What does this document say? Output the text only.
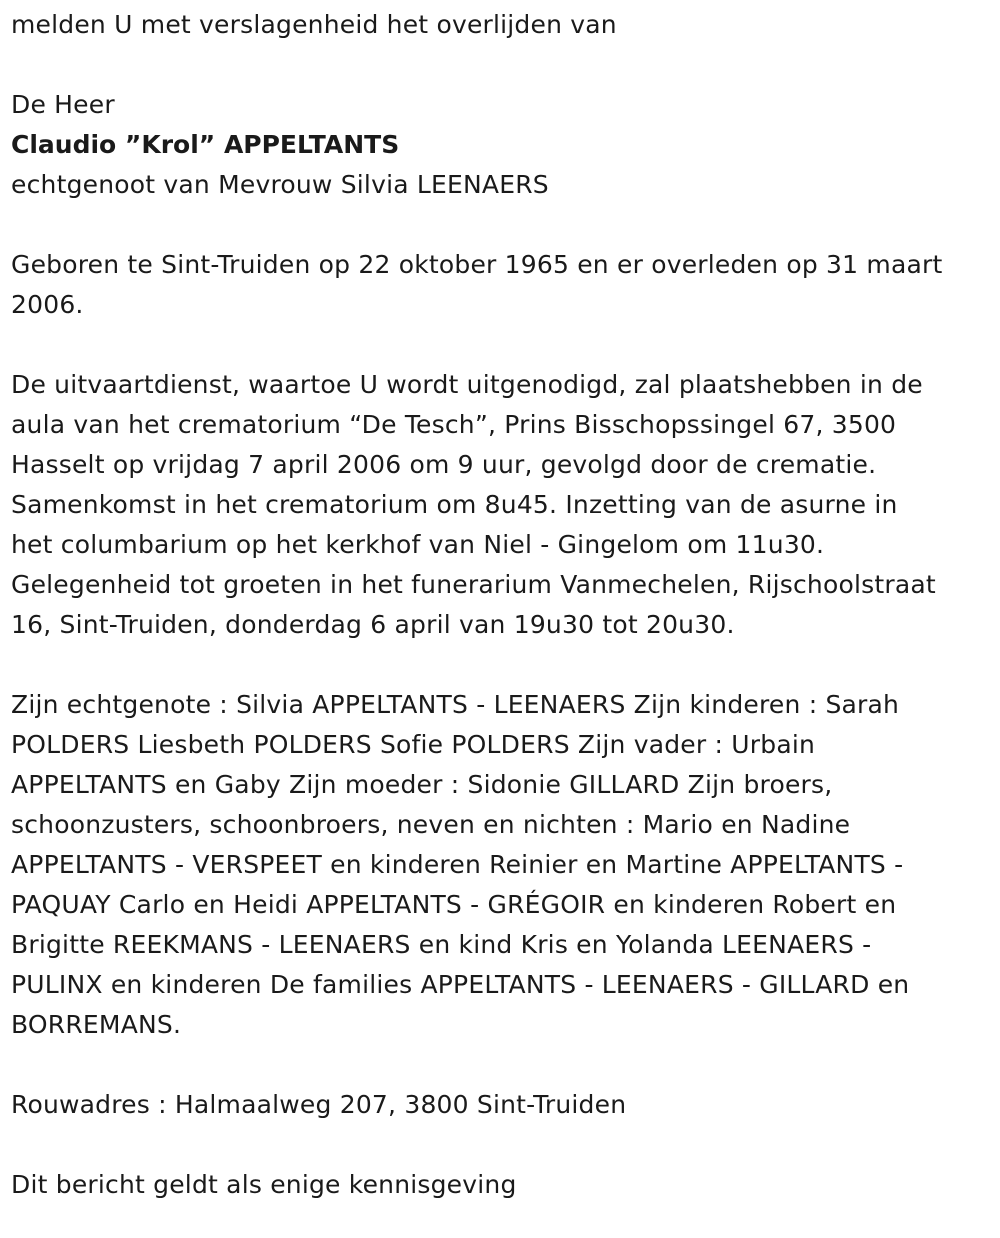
melden U met verslagenheid het overlijden van

De Heer

Claudio ”Krol” APPELTANTS

echtgenoot van Mevrouw Silvia LEENAERS

Geboren te Sint-Truiden op 22 oktober 1965 en er overleden op 31 maart 2006.

De uitvaartdienst, waartoe U wordt uitgenodigd, zal plaatshebben in de

aula van het crematorium “De Tesch”, Prins Bisschopssingel 67, 3500

Hasselt op vrijdag 7 april 2006 om 9 uur, gevolgd door de crematie.

Samenkomst in het crematorium om 8u45. Inzetting van de asurne in

het columbarium op het kerkhof van Niel - Gingelom om 11u30.

Gelegenheid tot groeten in het funerarium Vanmechelen, Rijschoolstraat

16, Sint-Truiden, donderdag 6 april van 19u30 tot 20u30.

Zijn echtgenote : Silvia APPELTANTS - LEENAERS Zijn kinderen : Sarah

POLDERS Liesbeth POLDERS Sofie POLDERS Zijn vader : Urbain

APPELTANTS en Gaby Zijn moeder : Sidonie GILLARD Zijn broers,

schoonzusters, schoonbroers, neven en nichten : Mario en Nadine

APPELTANTS - VERSPEET en kinderen Reinier en Martine APPELTANTS -

PAQUAY Carlo en Heidi APPELTANTS - GRÉGOIR en kinderen Robert en

Brigitte REEKMANS - LEENAERS en kind Kris en Yolanda LEENAERS -

PULINX en kinderen De families APPELTANTS - LEENAERS - GILLARD en

BORREMANS.

Rouwadres : Halmaalweg 207, 3800 Sint-Truiden

Dit bericht geldt als enige kennisgeving
